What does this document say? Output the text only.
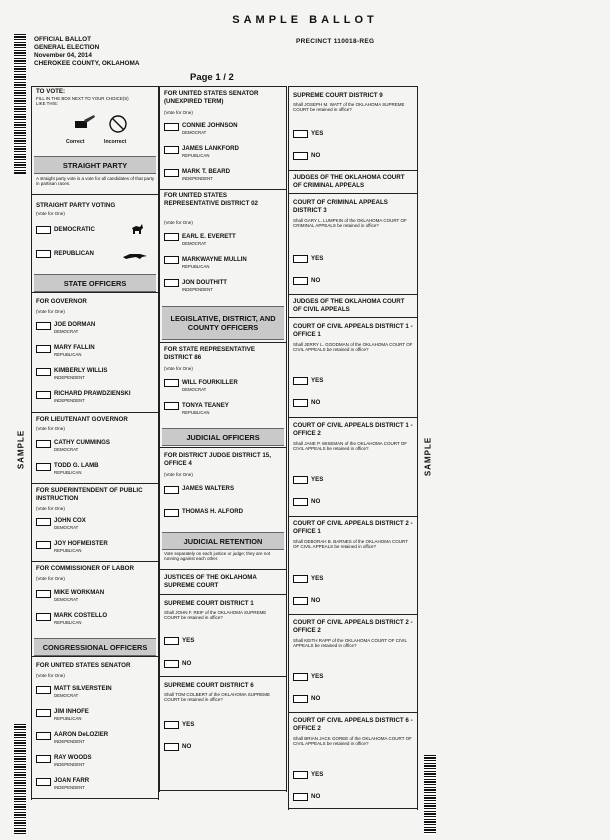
SAMPLE BALLOT
OFFICIAL BALLOT
GENERAL ELECTION
November 04, 2014
CHEROKEE COUNTY, OKLAHOMA
PRECINCT 110018-REG
Page 1 / 2
SAMPLE	SAMPLE
TO VOTE:
FILL IN THE BOX NEXT TO YOUR CHOICE(S) LIKE THIS:
Correct	Incorrect
STRAIGHT PARTY
A straight party vote is a vote for all candidates of that party in partisan races.
STRAIGHT PARTY VOTING
(Vote for One)
DEMOCRATIC
REPUBLICAN
STATE OFFICERS
FOR GOVERNOR
(Vote for One)
JOE DORMAN
DEMOCRAT
MARY FALLIN
REPUBLICAN
KIMBERLY WILLIS
INDEPENDENT
RICHARD PRAWDZIENSKI
INDEPENDENT
FOR LIEUTENANT GOVERNOR
(Vote for One)
CATHY CUMMINGS
DEMOCRAT
TODD G. LAMB
REPUBLICAN
FOR SUPERINTENDENT OF PUBLIC INSTRUCTION
(Vote for One)
JOHN COX
DEMOCRAT
JOY HOFMEISTER
REPUBLICAN
FOR COMMISSIONER OF LABOR
(Vote for One)
MIKE WORKMAN
DEMOCRAT
MARK COSTELLO
REPUBLICAN
CONGRESSIONAL OFFICERS
FOR UNITED STATES SENATOR
(Vote for One)
MATT SILVERSTEIN
DEMOCRAT
JIM INHOFE
REPUBLICAN
AARON DeLOZIER
INDEPENDENT
RAY WOODS
INDEPENDENT
JOAN FARR
INDEPENDENT
FOR UNITED STATES SENATOR (UNEXPIRED TERM)
(Vote for One)
CONNIE JOHNSON
DEMOCRAT
JAMES LANKFORD
REPUBLICAN
MARK T. BEARD
INDEPENDENT
FOR UNITED STATES REPRESENTATIVE DISTRICT 02
(Vote for One)
EARL E. EVERETT
DEMOCRAT
MARKWAYNE MULLIN
REPUBLICAN
JON DOUTHITT
INDEPENDENT
LEGISLATIVE, DISTRICT, AND COUNTY OFFICERS
FOR STATE REPRESENTATIVE DISTRICT 86
(Vote for One)
WILL FOURKILLER
DEMOCRAT
TONYA TEANEY
REPUBLICAN
JUDICIAL OFFICERS
FOR DISTRICT JUDGE DISTRICT 15, OFFICE 4
(Vote for One)
JAMES WALTERS
THOMAS H. ALFORD
JUDICIAL RETENTION
Vote separately on each justice or judge; they are not running against each other.
JUSTICES OF THE OKLAHOMA SUPREME COURT
SUPREME COURT DISTRICT 1
Shall JOHN F. REIF of the OKLAHOMA SUPREME COURT be retained in office?
YES
NO
SUPREME COURT DISTRICT 6
Shall TOM COLBERT of the OKLAHOMA SUPREME COURT be retained in office?
YES
NO
SUPREME COURT DISTRICT 9
Shall JOSEPH M. WATT of the OKLAHOMA SUPREME COURT be retained in office?
YES
NO
JUDGES OF THE OKLAHOMA COURT OF CRIMINAL APPEALS
COURT OF CRIMINAL APPEALS DISTRICT 3
Shall GARY L. LUMPKIN of the OKLAHOMA COURT OF CRIMINAL APPEALS be retained in office?
YES
NO
JUDGES OF THE OKLAHOMA COURT OF CIVIL APPEALS
COURT OF CIVIL APPEALS DISTRICT 1 - OFFICE 1
Shall JERRY L. GOODMAN of the OKLAHOMA COURT OF CIVIL APPEALS be retained in office?
YES
NO
COURT OF CIVIL APPEALS DISTRICT 1 - OFFICE 2
Shall JANE P. WISEMAN of the OKLAHOMA COURT OF CIVIL APPEALS be retained in office?
YES
NO
COURT OF CIVIL APPEALS DISTRICT 2 - OFFICE 1
Shall DEBORAH B. BARNES of the OKLAHOMA COURT OF CIVIL APPEALS be retained in office?
YES
NO
COURT OF CIVIL APPEALS DISTRICT 2 - OFFICE 2
Shall KEITH RAPP of the OKLAHOMA COURT OF CIVIL APPEALS be retained in office?
YES
NO
COURT OF CIVIL APPEALS DISTRICT 6 - OFFICE 2
Shall BRIAN JACK GOREE of the OKLAHOMA COURT OF CIVIL APPEALS be retained in office?
YES
NO
